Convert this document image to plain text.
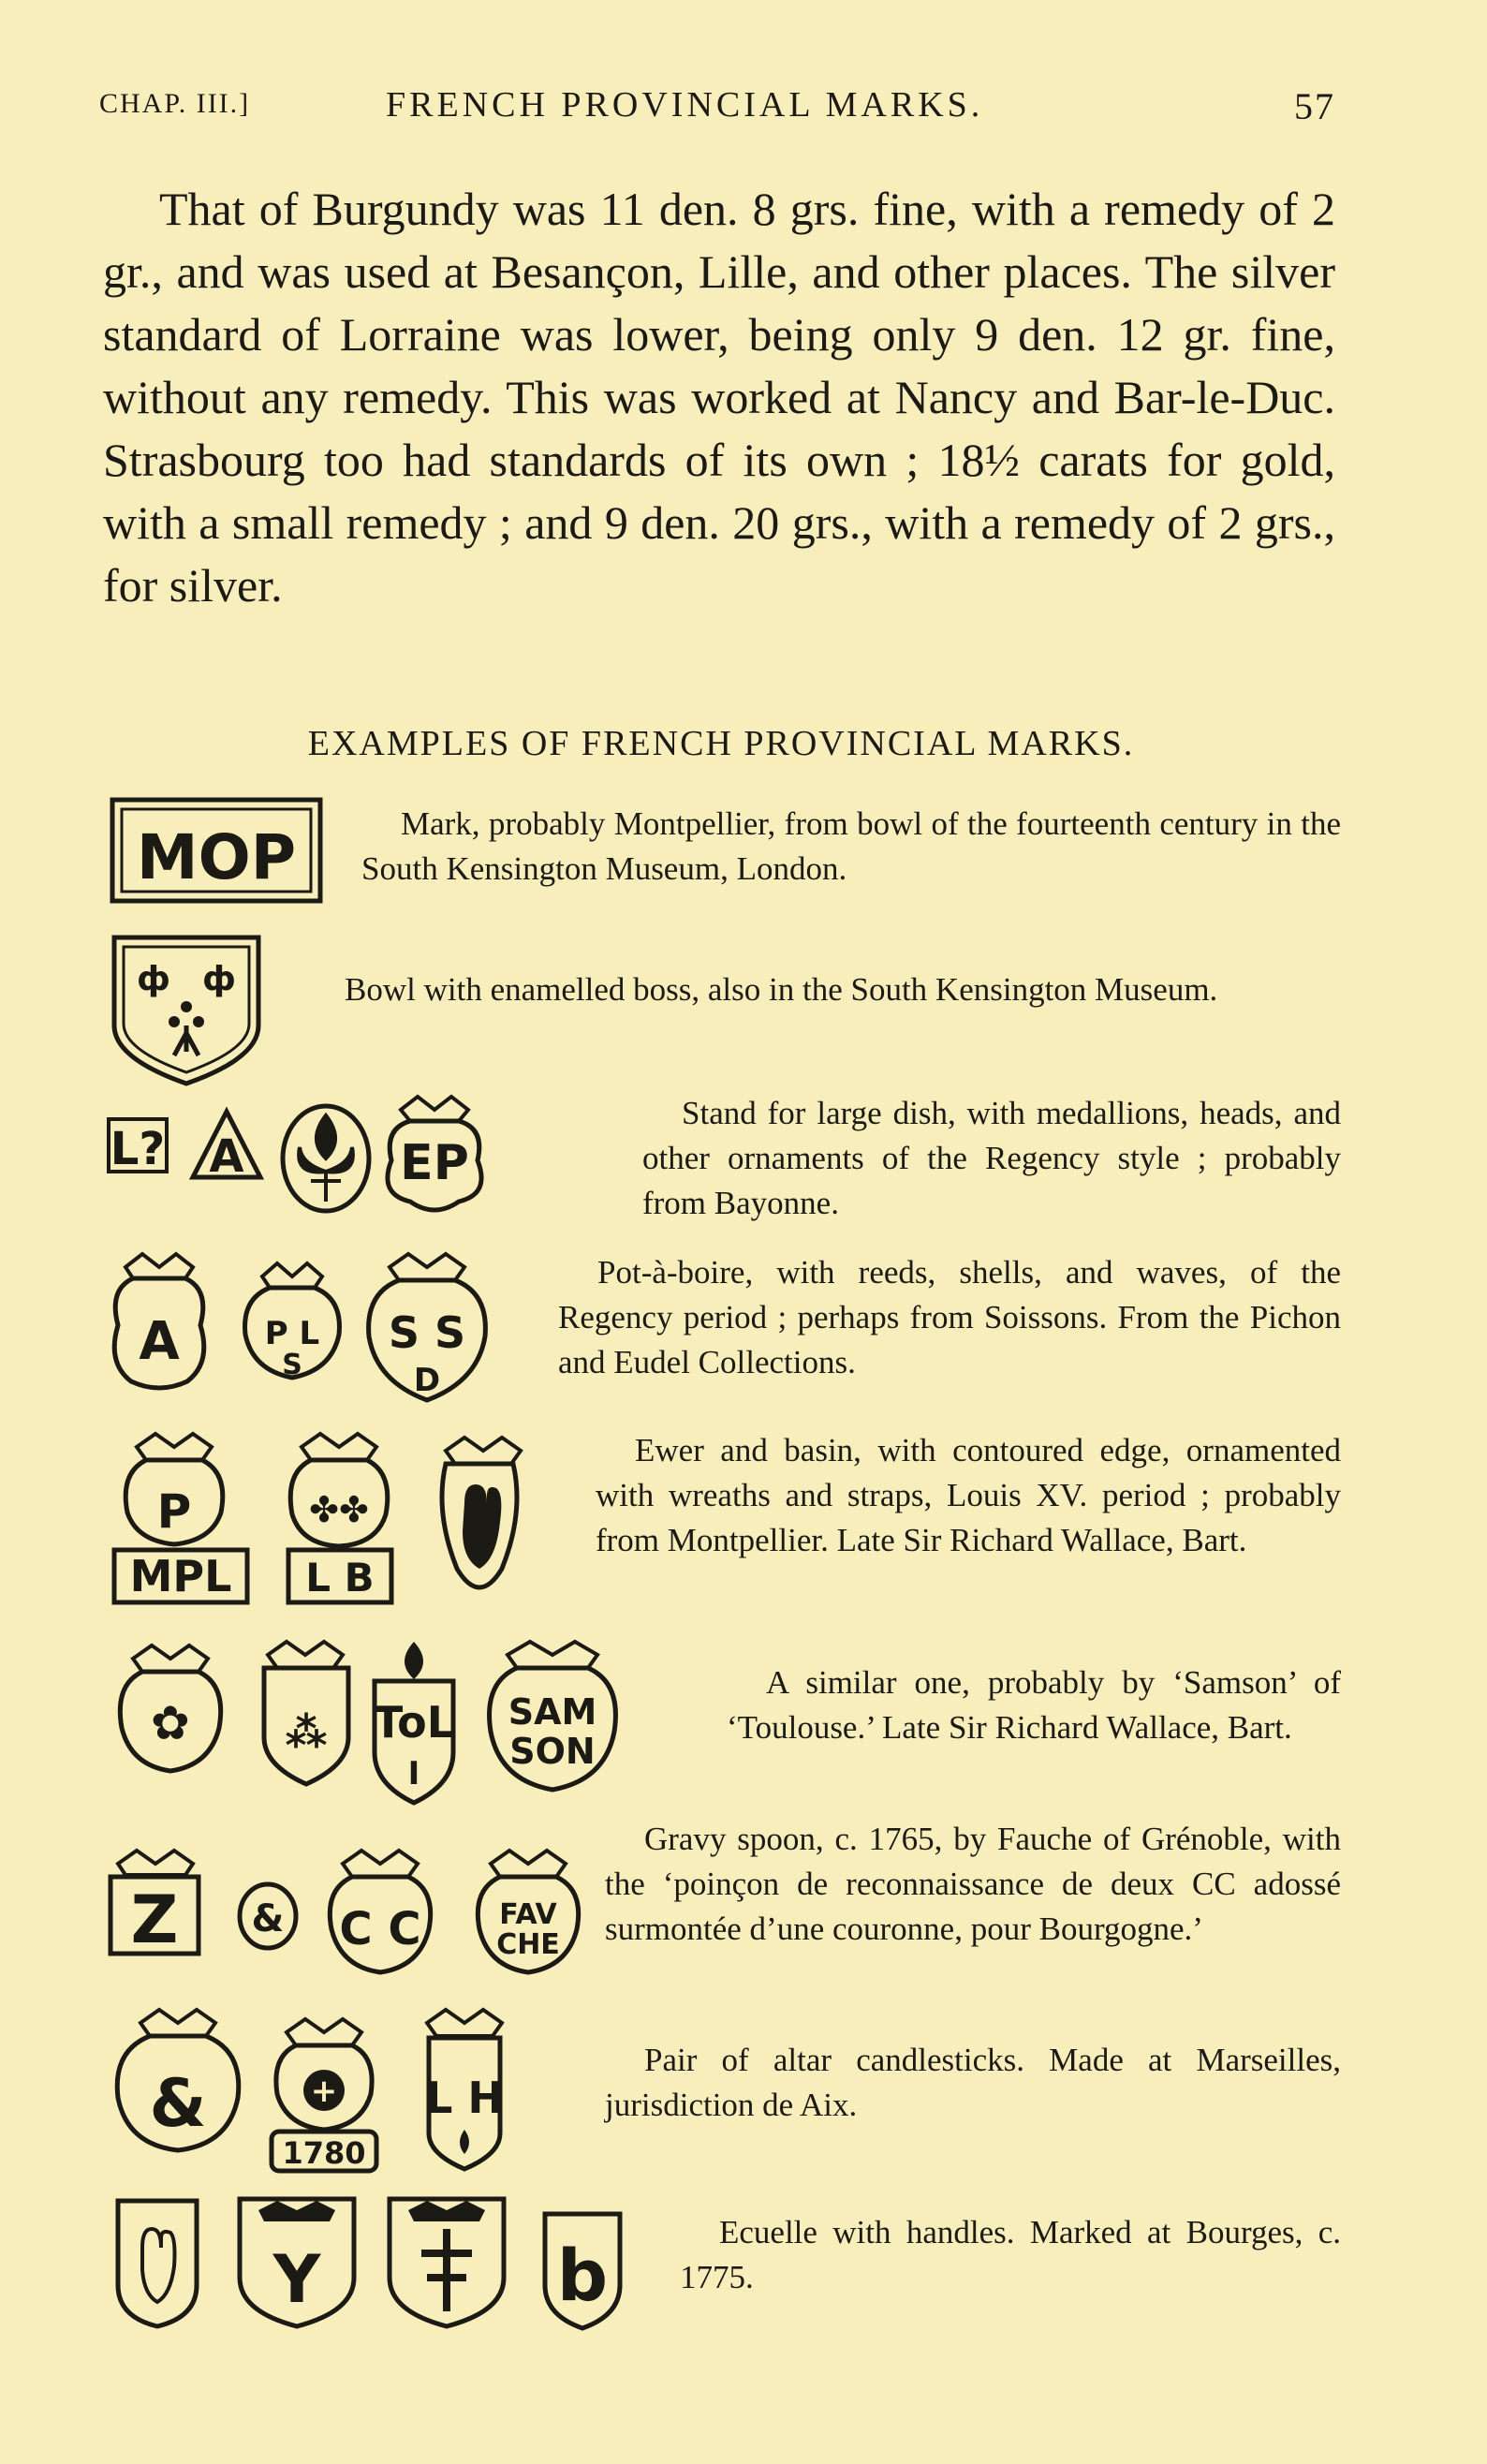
CHAP. III.]	FRENCH PROVINCIAL MARKS.	57

That of Burgundy was 11 den. 8 grs. fine, with a remedy of 2 gr., and was used at Besançon, Lille, and other places. The silver standard of Lorraine was lower, being only 9 den. 12 gr. fine, without any remedy. This was worked at Nancy and Bar-le-Duc. Strasbourg too had standards of its own ; 18½ carats for gold, with a small remedy ; and 9 den. 20 grs., with a remedy of 2 grs., for silver.

EXAMPLES OF FRENCH PROVINCIAL MARKS.
MOP	Mark, probably Montpellier, from bowl of the fourteenth century in the South Kensington Museum, London.

ф ф	Bowl with enamelled boss, also in the South Kensington Museum.

L? A	EP

Stand for large dish, with medallions, heads, and other ornaments of the Regency style ; probably from Bayonne.

A	P L
S
S S
D

Pot-à-boire, with reeds, shells, and waves, of the Regency period ; perhaps from Soissons. From the Pichon and Eudel Collections.

P
MPL
✤✤
L B

Ewer and basin, with contoured edge, ornamented with wreaths and straps, Louis XV. period ; probably from Montpellier. Late Sir Richard Wallace, Bart.

✿ ⁂ ToL
I
SAM
SON

A similar one, probably by ‘Samson’ of ‘Toulouse.’ Late Sir Richard Wallace, Bart.

Z & C C	FAV
CHE

Gravy spoon, c. 1765, by Fauche of Grénoble, with the ‘poinçon de reconnaissance de deux CC adossé surmontée d’une couronne, pour Bourgogne.’

&	+
1780
L H

Pair of altar candlesticks. Made at Marseilles, jurisdiction de Aix.

Y	b

Ecuelle with handles. Marked at Bourges, c. 1775.
